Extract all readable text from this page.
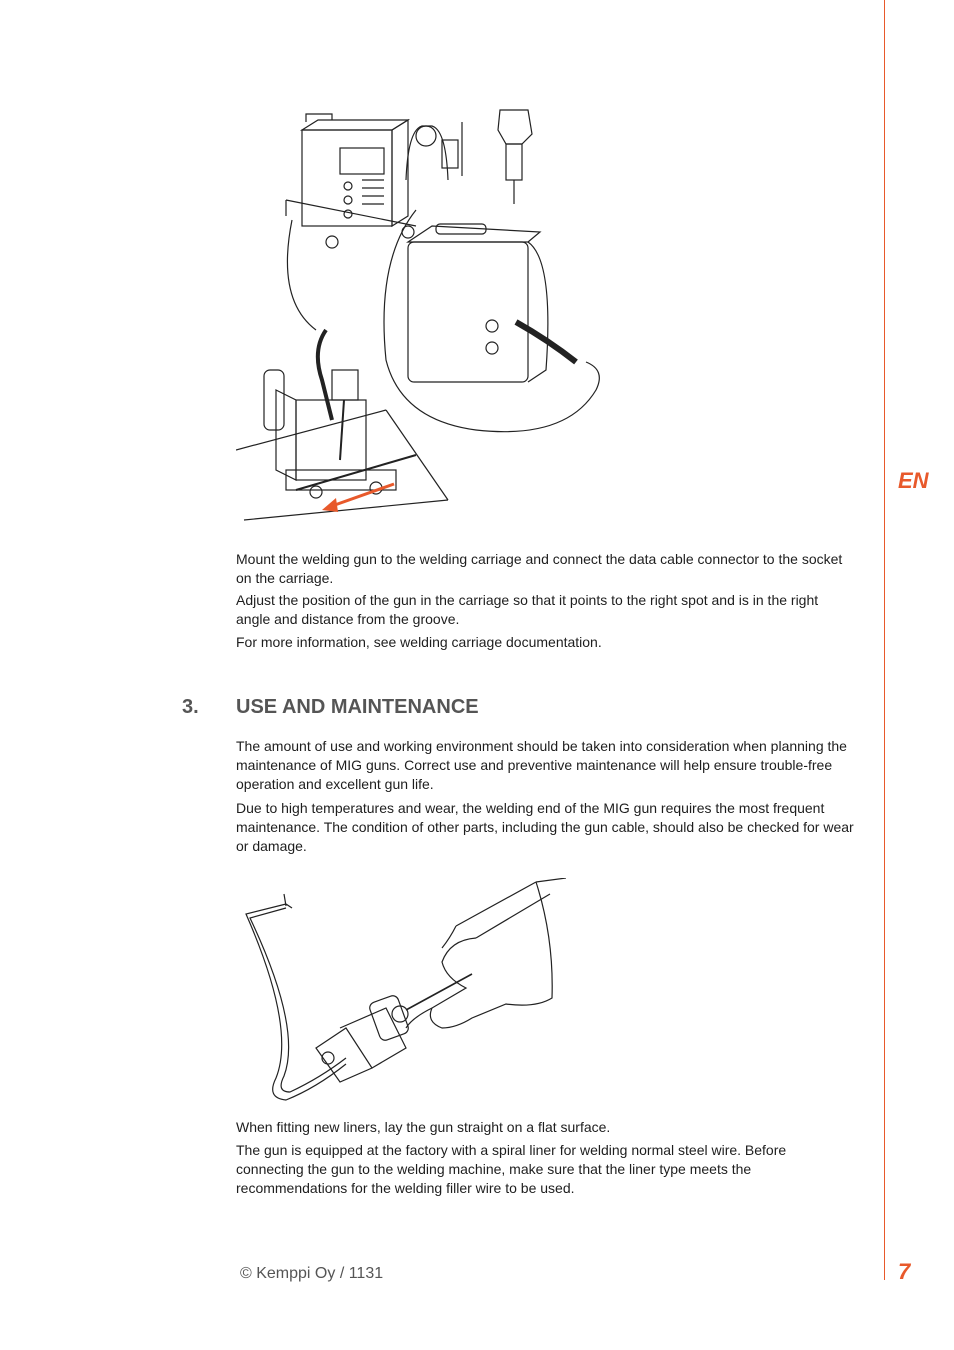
EN

Mount the welding gun to the welding carriage and connect the data cable connector to the socket on the carriage.

Adjust the position of the gun in the carriage so that it points to the right spot and is in the right angle and distance from the groove.

For more information, see welding carriage documentation.

3. USE AND MAINTENANCE

The amount of use and working environment should be taken into consideration when planning the maintenance of MIG guns. Correct use and preventive maintenance will help ensure trouble-free operation and excellent gun life.

Due to high temperatures and wear, the welding end of the MIG gun requires the most frequent maintenance. The condition of other parts, including the gun cable, should also be checked for wear or damage.

When fitting new liners, lay the gun straight on a flat surface.

The gun is equipped at the factory with a spiral liner for welding normal steel wire. Before connecting the gun to the welding machine, make sure that the liner type meets the recommendations for the welding filler wire to be used.

© Kemppi Oy / 1131	7
